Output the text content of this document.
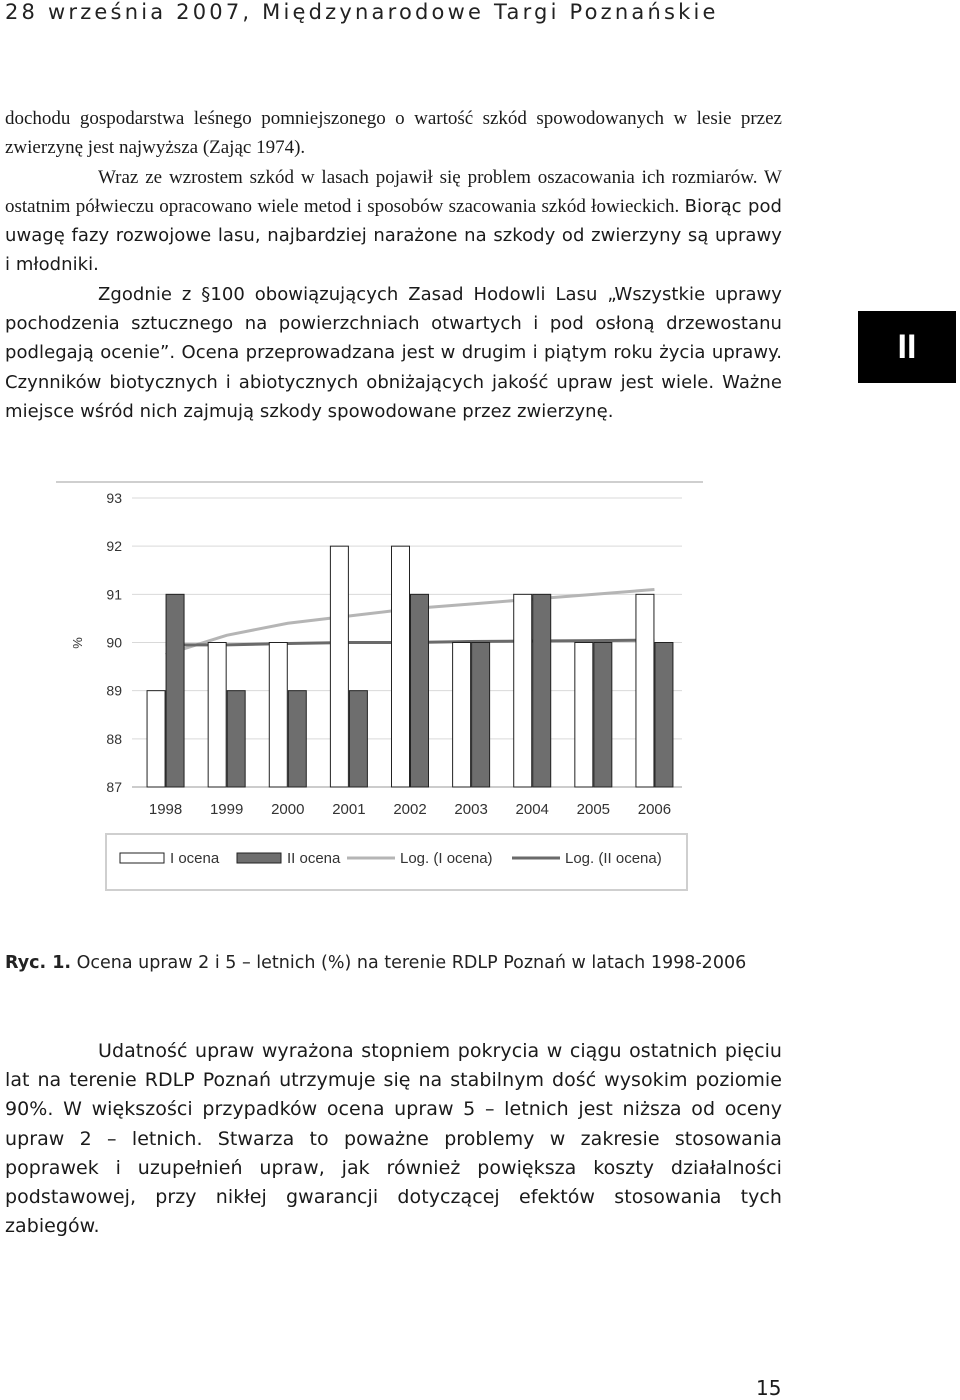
28 września 2007, Międzynarodowe Targi Poznańskie
II

dochodu gospodarstwa leśnego pomniejszonego o wartość szkód spowodowanych w lesie przez zwierzynę jest najwyższa (Zając 1974).

Wraz ze wzrostem szkód w lasach pojawił się problem oszacowania ich rozmiarów. W ostatnim półwieczu opracowano wiele metod i sposobów szacowania szkód łowieckich. Biorąc pod uwagę fazy rozwojowe lasu, najbardziej narażone na szkody od zwierzyny są uprawy i młodniki.

Zgodnie z §100 obowiązujących Zasad Hodowli Lasu „Wszystkie uprawy pochodzenia sztucznego na powierzchniach otwartych i pod osłoną drzewostanu podlegają ocenie”. Ocena przeprowadzana jest w drugim i piątym roku życia uprawy. Czynników biotycznych i abiotycznych obniżających jakość upraw jest wiele. Ważne miejsce wśród nich zajmują szkody spowodowane przez zwierzynę.

93
92
91
90
89
88
87
1998 1999 2000 2001 2002 2003 2004 2005 2006
%
I ocena	II ocena	Log. (I ocena)	Log. (II ocena)
Ryc. 1. Ocena upraw 2 i 5 – letnich (%) na terenie RDLP Poznań w latach 1998-2006

Udatność upraw wyrażona stopniem pokrycia w ciągu ostatnich pięciu lat na terenie RDLP Poznań utrzymuje się na stabilnym dość wysokim poziomie 90%. W większości przypadków ocena upraw 5 – letnich jest niższa od oceny upraw 2 – letnich. Stwarza to poważne problemy w zakresie stosowania poprawek i uzupełnień upraw, jak również powiększa koszty działalności podstawowej, przy nikłej gwarancji dotyczącej efektów stosowania tych zabiegów.

15
